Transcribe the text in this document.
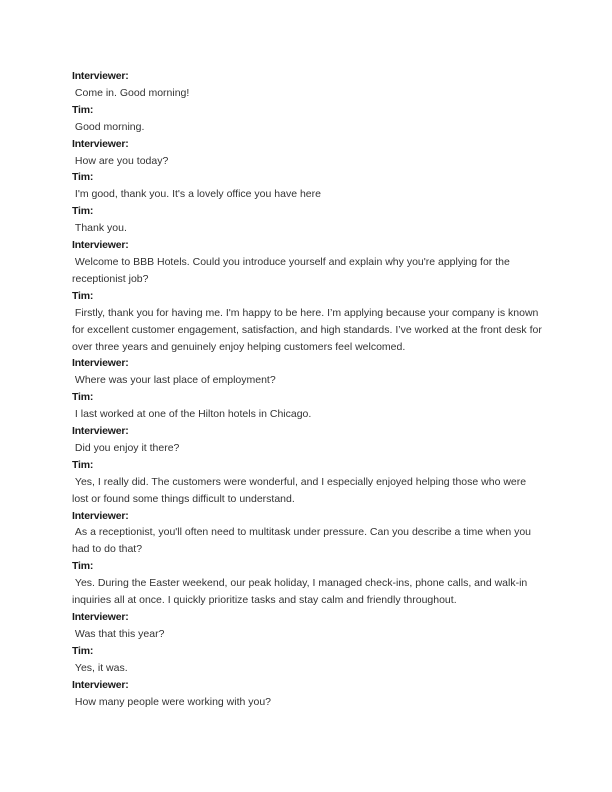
Interviewer:
Come in. Good morning!
Tim:
Good morning.
Interviewer:
How are you today?
Tim:
I'm good, thank you. It's a lovely office you have here
Tim:
Thank you.
Interviewer:
Welcome to BBB Hotels. Could you introduce yourself and explain why you're applying for the receptionist job?
Tim:
Firstly, thank you for having me. I'm happy to be here. I’m applying because your company is known for excellent customer engagement, satisfaction, and high standards. I’ve worked at the front desk for over three years and genuinely enjoy helping customers feel welcomed.
Interviewer:
Where was your last place of employment?
Tim:
I last worked at one of the Hilton hotels in Chicago.
Interviewer:
Did you enjoy it there?
Tim:
Yes, I really did. The customers were wonderful, and I especially enjoyed helping those who were lost or found some things difficult to understand.
Interviewer:
As a receptionist, you'll often need to multitask under pressure. Can you describe a time when you had to do that?
Tim:
Yes. During the Easter weekend, our peak holiday, I managed check-ins, phone calls, and walk-in inquiries all at once. I quickly prioritize tasks and stay calm and friendly throughout.
Interviewer:
Was that this year?
Tim:
Yes, it was.
Interviewer:
How many people were working with you?
